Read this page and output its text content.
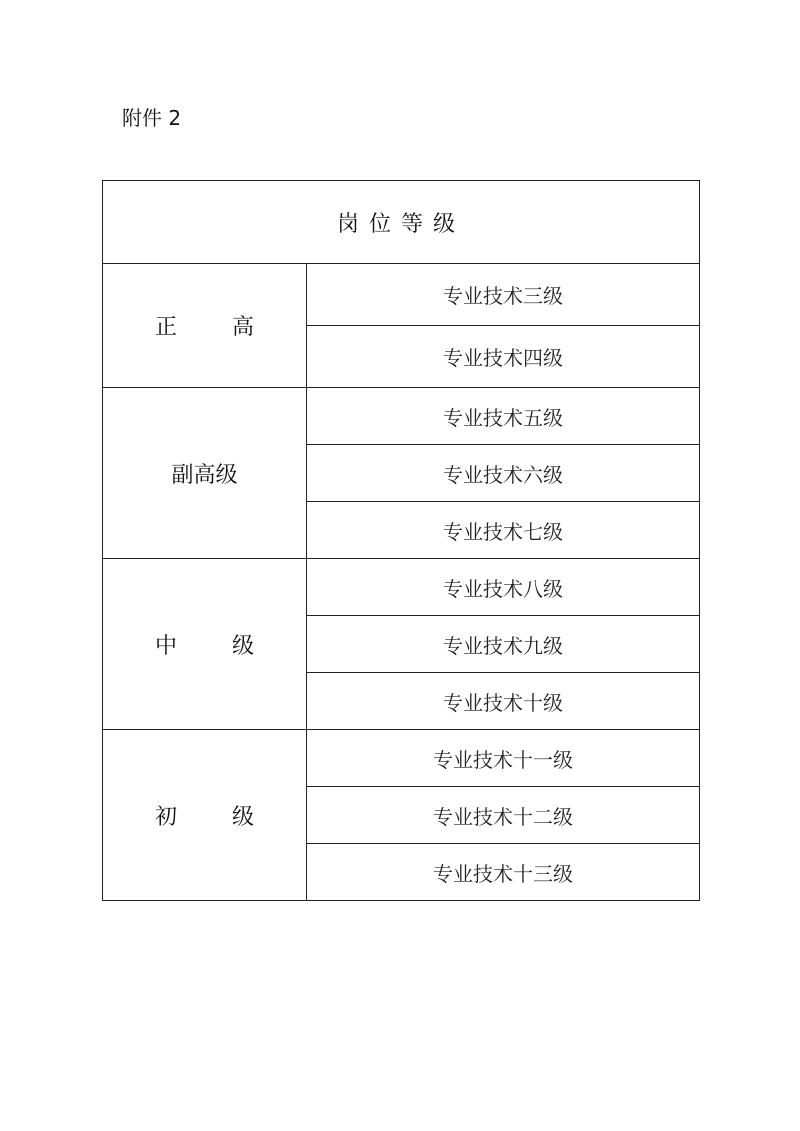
附件 2
岗位等级	
正 高	专业技术三级
	专业技术四级
副高级	专业技术五级
	专业技术六级
	专业技术七级
中 级	专业技术八级
	专业技术九级
	专业技术十级
初 级	专业技术十一级
	专业技术十二级
	专业技术十三级
